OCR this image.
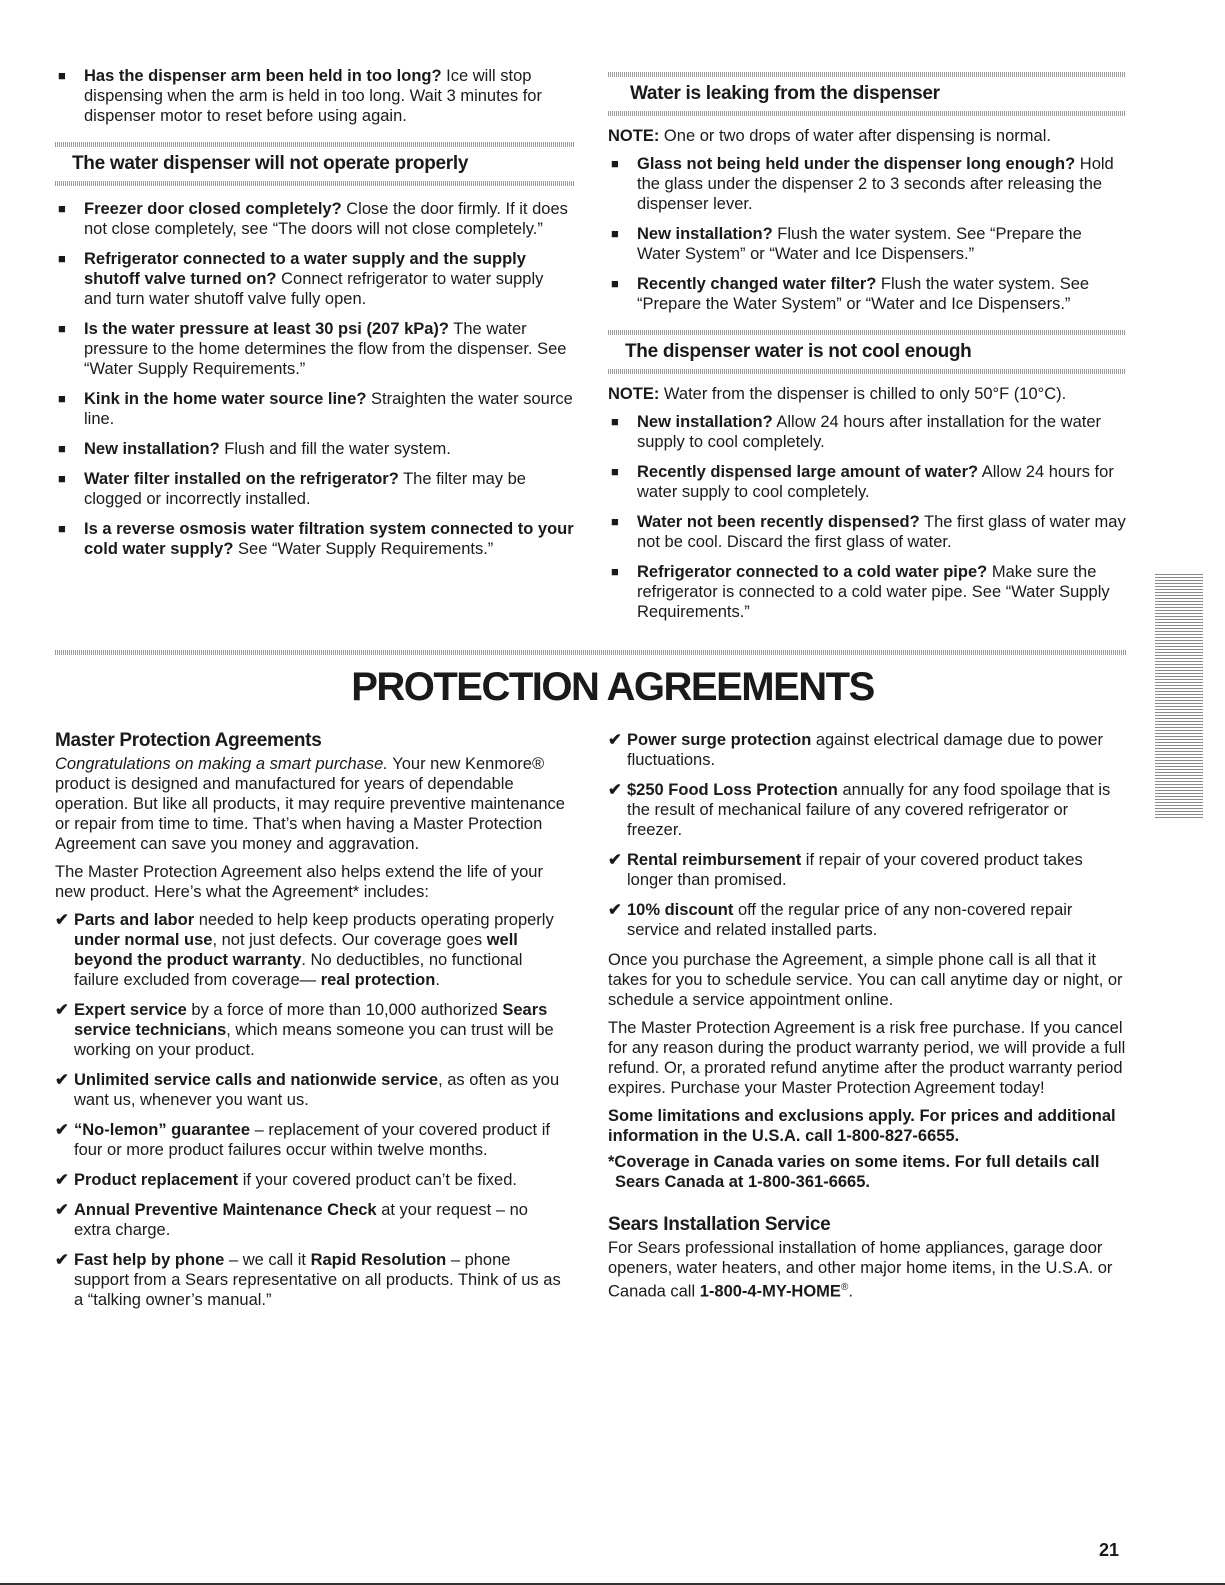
■ Has the dispenser arm been held in too long? Ice will stop dispensing when the arm is held in too long. Wait 3 minutes for dispenser motor to reset before using again.
The water dispenser will not operate properly
■ Freezer door closed completely? Close the door firmly. If it does not close completely, see “The doors will not close completely.”
■ Refrigerator connected to a water supply and the supply shutoff valve turned on? Connect refrigerator to water supply and turn water shutoff valve fully open.
■ Is the water pressure at least 30 psi (207 kPa)? The water pressure to the home determines the flow from the dispenser. See “Water Supply Requirements.”
■ Kink in the home water source line? Straighten the water source line.
■ New installation? Flush and fill the water system.
■ Water filter installed on the refrigerator? The filter may be clogged or incorrectly installed.
■ Is a reverse osmosis water filtration system connected to your cold water supply? See “Water Supply Requirements.”
Water is leaking from the dispenser
NOTE: One or two drops of water after dispensing is normal.
■ Glass not being held under the dispenser long enough? Hold the glass under the dispenser 2 to 3 seconds after releasing the dispenser lever.
■ New installation? Flush the water system. See “Prepare the Water System” or “Water and Ice Dispensers.”
■ Recently changed water filter? Flush the water system. See “Prepare the Water System” or “Water and Ice Dispensers.”
The dispenser water is not cool enough
NOTE: Water from the dispenser is chilled to only 50°F (10°C).
■ New installation? Allow 24 hours after installation for the water supply to cool completely.
■ Recently dispensed large amount of water? Allow 24 hours for water supply to cool completely.
■ Water not been recently dispensed? The first glass of water may not be cool. Discard the first glass of water.
■ Refrigerator connected to a cold water pipe? Make sure the refrigerator is connected to a cold water pipe. See “Water Supply Requirements.”
PROTECTION AGREEMENTS
Master Protection Agreements
Congratulations on making a smart purchase. Your new Kenmore® product is designed and manufactured for years of dependable operation. But like all products, it may require preventive maintenance or repair from time to time. That’s when having a Master Protection Agreement can save you money and aggravation.
The Master Protection Agreement also helps extend the life of your new product. Here’s what the Agreement* includes:
✔ Parts and labor needed to help keep products operating properly under normal use, not just defects. Our coverage goes well beyond the product warranty. No deductibles, no functional failure excluded from coverage— real protection.
✔ Expert service by a force of more than 10,000 authorized Sears service technicians, which means someone you can trust will be working on your product.
✔ Unlimited service calls and nationwide service, as often as you want us, whenever you want us.
✔ “No-lemon” guarantee – replacement of your covered product if four or more product failures occur within twelve months.
✔ Product replacement if your covered product can’t be fixed.
✔ Annual Preventive Maintenance Check at your request – no extra charge.
✔ Fast help by phone – we call it Rapid Resolution – phone support from a Sears representative on all products. Think of us as a “talking owner’s manual.”
✔ Power surge protection against electrical damage due to power fluctuations.
✔ $250 Food Loss Protection annually for any food spoilage that is the result of mechanical failure of any covered refrigerator or freezer.
✔ Rental reimbursement if repair of your covered product takes longer than promised.
✔ 10% discount off the regular price of any non-covered repair service and related installed parts.
Once you purchase the Agreement, a simple phone call is all that it takes for you to schedule service. You can call anytime day or night, or schedule a service appointment online.
The Master Protection Agreement is a risk free purchase. If you cancel for any reason during the product warranty period, we will provide a full refund. Or, a prorated refund anytime after the product warranty period expires. Purchase your Master Protection Agreement today!
Some limitations and exclusions apply. For prices and additional information in the U.S.A. call 1-800-827-6655.
*Coverage in Canada varies on some items. For full details call Sears Canada at 1-800-361-6665.
Sears Installation Service
For Sears professional installation of home appliances, garage door openers, water heaters, and other major home items, in the U.S.A. or Canada call 1-800-4-MY-HOME®.
21
